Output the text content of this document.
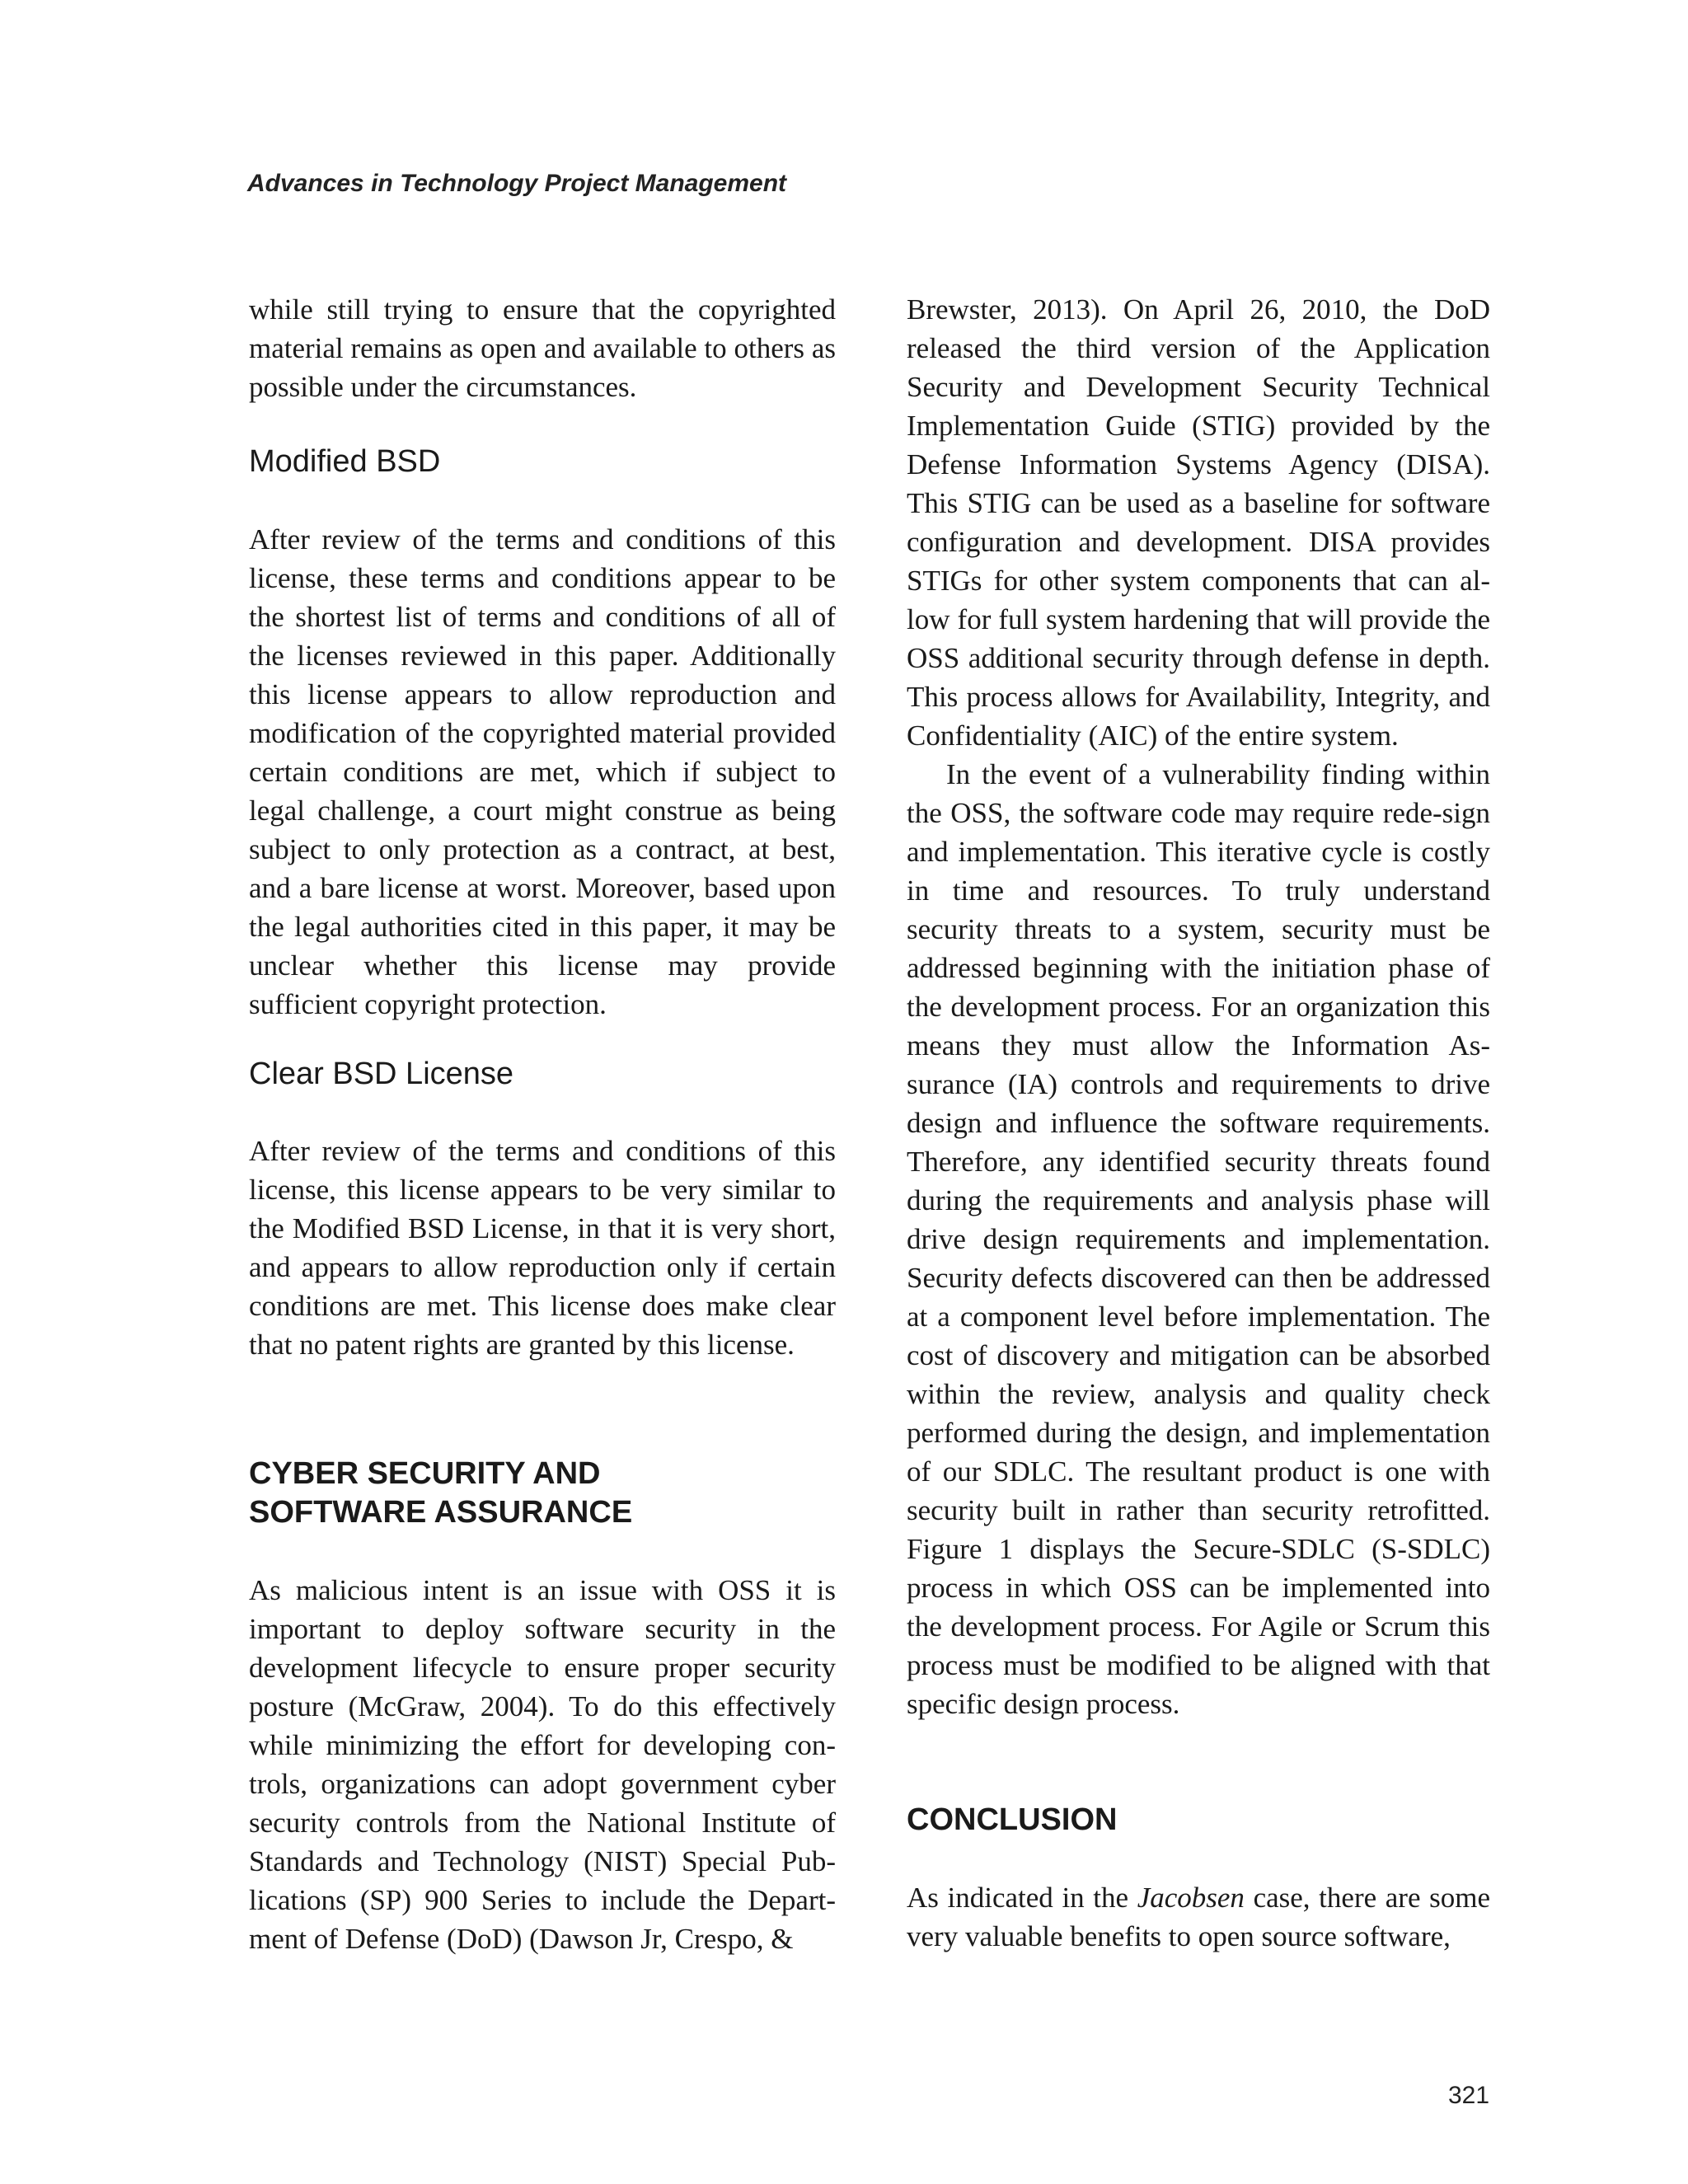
Advances in Technology Project Management

while still trying to ensure that the copyrighted material remains as open and available to others as possible under the circumstances.

Modified BSD

After review of the terms and conditions of this license, these terms and conditions appear to be the shortest list of terms and conditions of all of the licenses reviewed in this paper. Additionally this license appears to allow reproduction and modification of the copyrighted material provided certain conditions are met, which if subject to legal challenge, a court might construe as being subject to only protection as a contract, at best, and a bare license at worst. Moreover, based upon the legal authorities cited in this paper, it may be unclear whether this license may provide sufficient copyright protection.

Clear BSD License

After review of the terms and conditions of this license, this license appears to be very similar to the Modified BSD License, in that it is very short, and appears to allow reproduction only if certain conditions are met. This license does make clear that no patent rights are granted by this license.

CYBER SECURITY AND
SOFTWARE ASSURANCE

As malicious intent is an issue with OSS it is important to deploy software security in the development lifecycle to ensure proper security posture (McGraw, 2004). To do this effectively while minimizing the effort for developing con-trols, organizations can adopt government cyber security controls from the National Institute of Standards and Technology (NIST) Special Pub-lications (SP) 900 Series to include the Depart-ment of Defense (DoD) (Dawson Jr, Crespo, &

Brewster, 2013). On April 26, 2010, the DoD released the third version of the Application Security and Development Security Technical Implementation Guide (STIG) provided by the Defense Information Systems Agency (DISA). This STIG can be used as a baseline for software configuration and development. DISA provides STIGs for other system components that can al-low for full system hardening that will provide the OSS additional security through defense in depth. This process allows for Availability, Integrity, and Confidentiality (AIC) of the entire system.

In the event of a vulnerability finding within the OSS, the software code may require rede-sign and implementation. This iterative cycle is costly in time and resources. To truly understand security threats to a system, security must be addressed beginning with the initiation phase of the development process. For an organization this means they must allow the Information As-surance (IA) controls and requirements to drive design and influence the software requirements. Therefore, any identified security threats found during the requirements and analysis phase will drive design requirements and implementation. Security defects discovered can then be addressed at a component level before implementation. The cost of discovery and mitigation can be absorbed within the review, analysis and quality check performed during the design, and implementation of our SDLC. The resultant product is one with security built in rather than security retrofitted. Figure 1 displays the Secure-SDLC (S-SDLC) process in which OSS can be implemented into the development process. For Agile or Scrum this process must be modified to be aligned with that specific design process.

CONCLUSION

As indicated in the Jacobsen case, there are some very valuable benefits to open source software,

321
